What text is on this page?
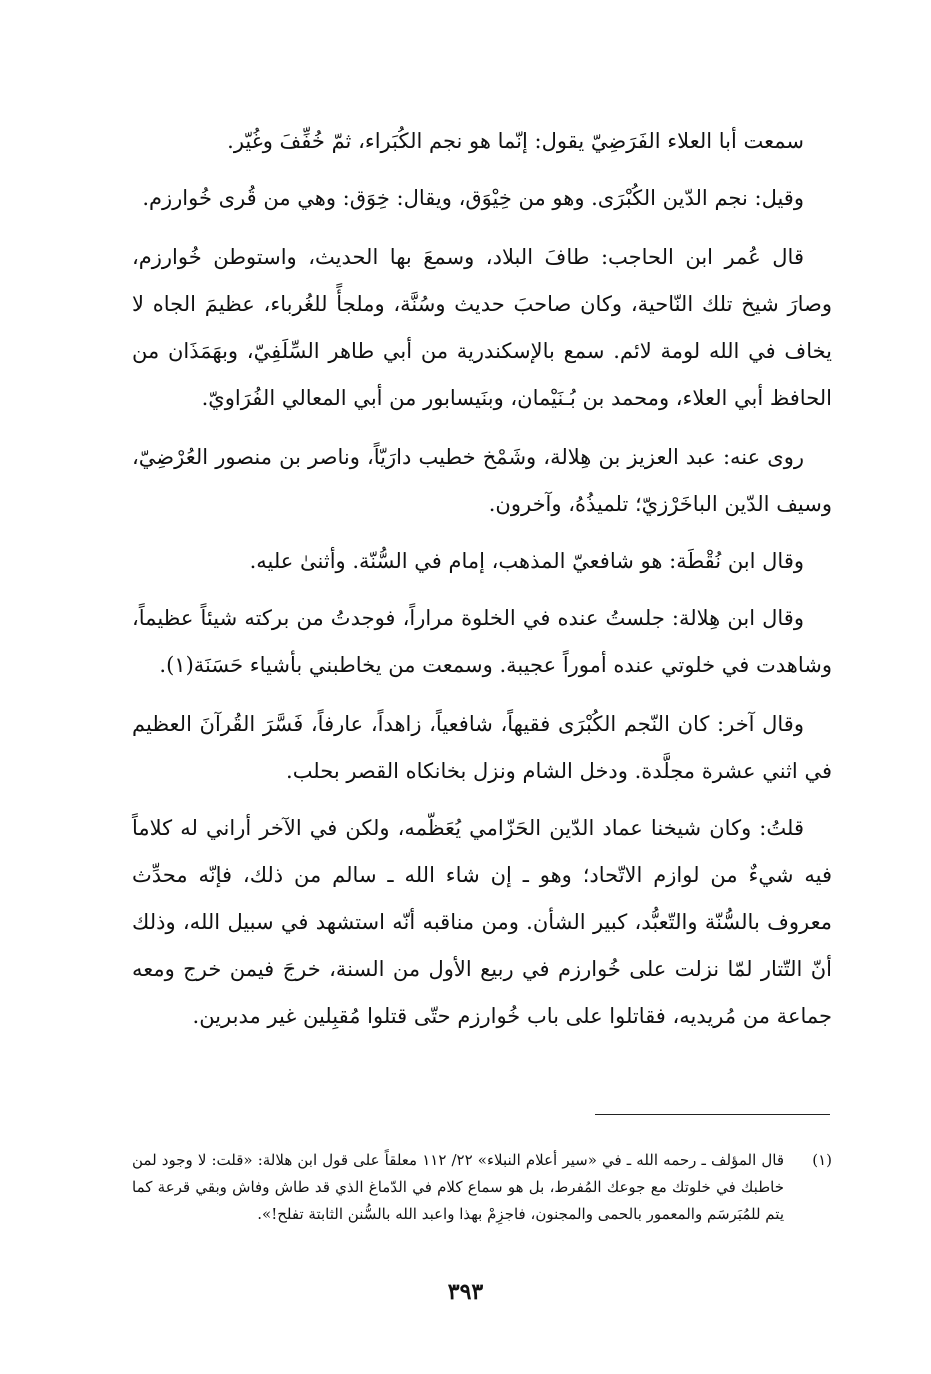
سمعت أبا العلاء الفَرَضِيّ يقول: إنّما هو نجم الكُبَراء، ثمّ خُفِّفَ وغُيّر.

وقيل: نجم الدّين الكُبْرَى. وهو من خِيْوَق، ويقال: خِوَق: وهي من قُرى خُوارزم.

قال عُمر ابن الحاجب: طافَ البلاد، وسمعَ بها الحديث، واستوطن خُوارزم، وصارَ شيخ تلك النّاحية، وكان صاحبَ حديث وسُنَّة، وملجأً للغُرباء، عظيمَ الجاه لا يخاف في الله لومة لائم. سمع بالإسكندرية من أبي طاهر السِّلَفِيّ، وبهَمَذَان من الحافظ أبي العلاء، ومحمد بن بُـنَيْمان، وبنَيسابور من أبي المعالي الفُرَاويّ.

روى عنه: عبد العزيز بن هِلالة، وشَمْخ خطيب دارَيّاً، وناصر بن منصور العُرْضِيّ، وسيف الدّين الباخَرْزيّ؛ تلميذُهُ، وآخرون.

وقال ابن نُقْطَة: هو شافعيّ المذهب، إمام في السُّنّة. وأثنىٰ عليه.

وقال ابن هِلالة: جلستُ عنده في الخلوة مراراً، فوجدتُ من بركته شيئاً عظيماً، وشاهدت في خلوتي عنده أموراً عجيبة. وسمعت من يخاطبني بأشياء حَسَنَة(١).

وقال آخر: كان النّجم الكُبْرَى فقيهاً، شافعياً، زاهداً، عارفاً، فَسَّرَ القُرآنَ العظيم في اثني عشرة مجلَّدة. ودخل الشام ونزل بخانكاه القصر بحلب.

قلتُ: وكان شيخنا عماد الدّين الحَزّامي يُعَظّمه، ولكن في الآخر أراني له كلاماً فيه شيءٌ من لوازم الاتّحاد؛ وهو ـ إن شاء الله ـ سالم من ذلك، فإنّه محدِّث معروف بالسُّنّة والتّعبُّد، كبير الشأن. ومن مناقبه أنّه استشهد في سبيل الله، وذلك أنّ التّتار لمّا نزلت على خُوارزم في ربيع الأول من السنة، خرجَ فيمن خرج ومعه جماعة من مُريديه، فقاتلوا على باب خُوارزم حتّى قتلوا مُقبِلين غير مدبرين.

(١)
قال المؤلف ـ رحمه الله ـ في «سير أعلام النبلاء» ٢٢/ ١١٢ معلقاً على قول ابن هلالة: «قلت: لا وجود لمن خاطبك في خلوتك مع جوعك المُفرط، بل هو سماع كلام في الدّماغ الذي قد طاش وفاش وبقي قرعة كما يتم للمُبَرسَم والمعمور بالحمى والمجنون، فاجزِمْ بهذا واعبد الله بالسُّنن الثابتة تفلح!».
٣٩٣
